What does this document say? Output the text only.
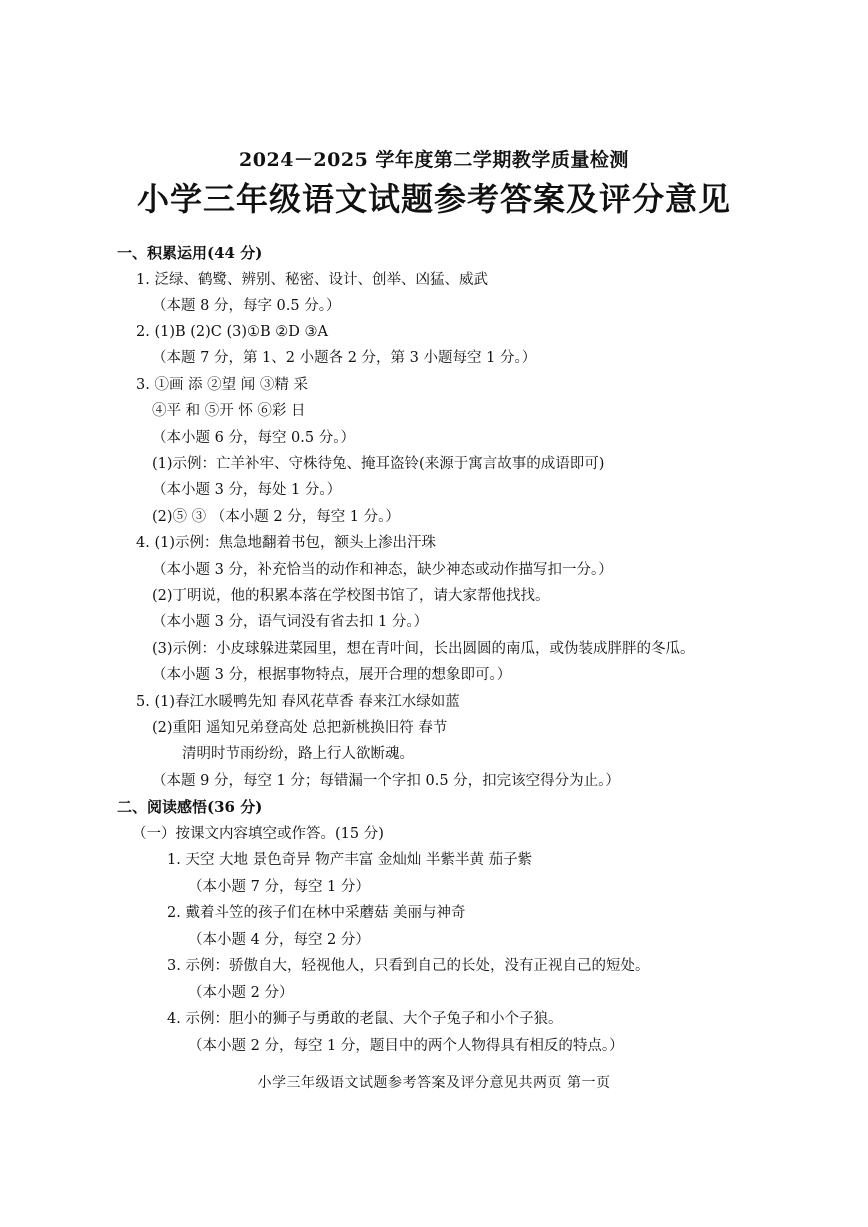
2024－2025 学年度第二学期教学质量检测
小学三年级语文试题参考答案及评分意见
一、积累运用(44 分)
1. 泛绿、鹤鹭、辨别、秘密、设计、创举、凶猛、威武
（本题 8 分，每字 0.5 分。）
2. (1)B (2)C (3)①B ②D ③A
（本题 7 分，第 1、2 小题各 2 分，第 3 小题每空 1 分。）
3. ①画 添 ②望 闻 ③精 采
④平 和 ⑤开 怀 ⑥彩 日
（本小题 6 分，每空 0.5 分。）
(1)示例：亡羊补牢、守株待兔、掩耳盗铃(来源于寓言故事的成语即可)
（本小题 3 分，每处 1 分。）
(2)⑤ ③ （本小题 2 分，每空 1 分。）
4. (1)示例：焦急地翻着书包，额头上渗出汗珠
（本小题 3 分，补充恰当的动作和神态，缺少神态或动作描写扣一分。）
(2)丁明说，他的积累本落在学校图书馆了，请大家帮他找找。
（本小题 3 分，语气词没有省去扣 1 分。）
(3)示例：小皮球躲进菜园里，想在青叶间，长出圆圆的南瓜，或伪装成胖胖的冬瓜。
（本小题 3 分，根据事物特点，展开合理的想象即可。）
5. (1)春江水暖鸭先知 春风花草香 春来江水绿如蓝
(2)重阳 遥知兄弟登高处 总把新桃换旧符 春节
清明时节雨纷纷，路上行人欲断魂。
（本题 9 分，每空 1 分；每错漏一个字扣 0.5 分，扣完该空得分为止。）
二、阅读感悟(36 分)
（一）按课文内容填空或作答。(15 分)
1. 天空 大地 景色奇异 物产丰富 金灿灿 半紫半黄 茄子紫
（本小题 7 分，每空 1 分）
2. 戴着斗笠的孩子们在林中采蘑菇 美丽与神奇
（本小题 4 分，每空 2 分）
3. 示例：骄傲自大，轻视他人，只看到自己的长处，没有正视自己的短处。
（本小题 2 分）
4. 示例：胆小的狮子与勇敢的老鼠、大个子兔子和小个子狼。
（本小题 2 分，每空 1 分，题目中的两个人物得具有相反的特点。）
小学三年级语文试题参考答案及评分意见共两页 第一页
